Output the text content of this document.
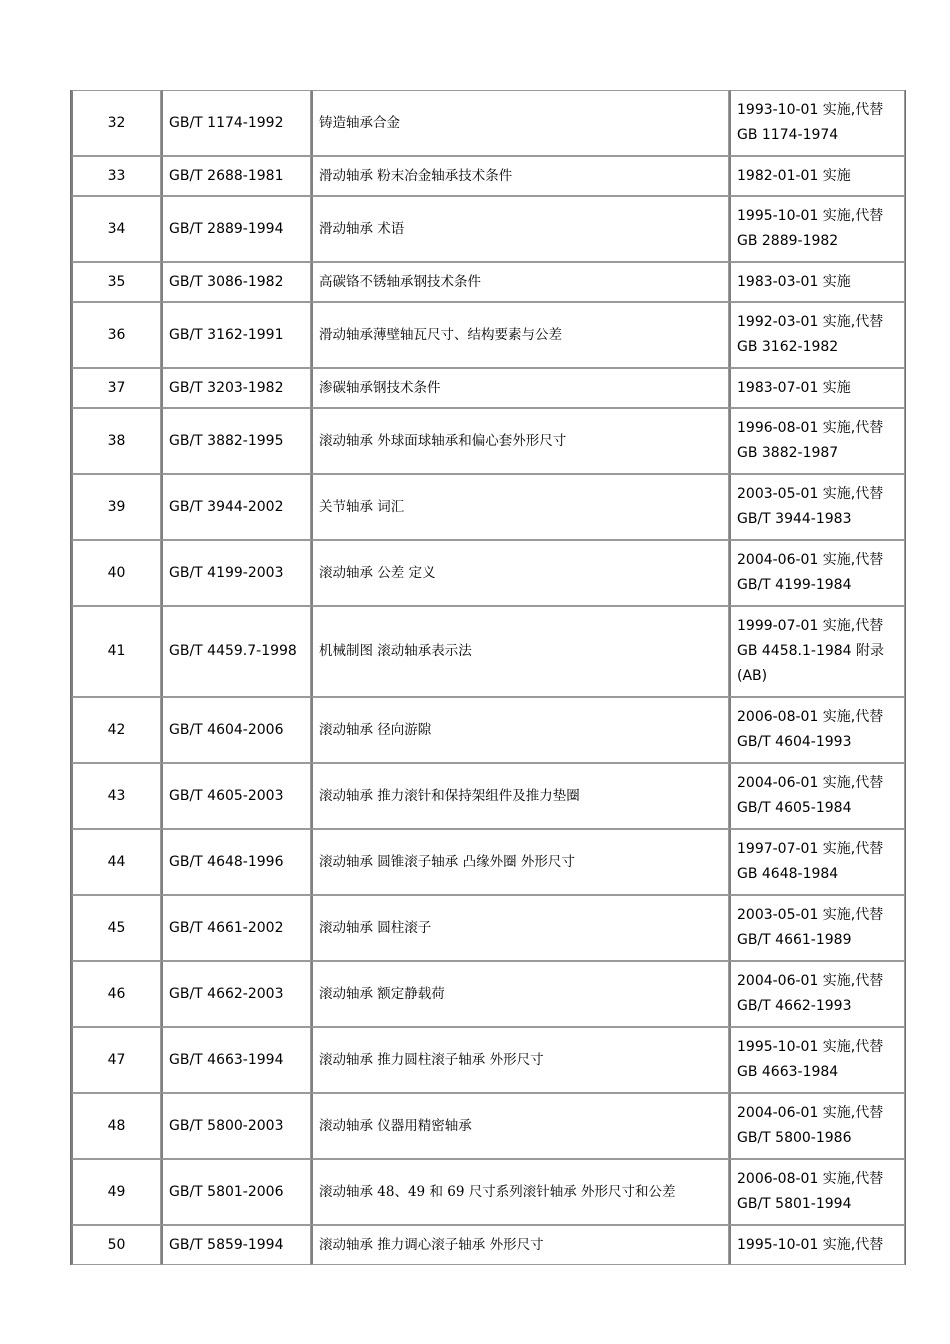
32	GB/T 1174-1992	铸造轴承合金	1993-10-01 实施,代替
GB 1174-1974

33	GB/T 2688-1981	滑动轴承 粉末冶金轴承技术条件	1982-01-01 实施

34	GB/T 2889-1994	滑动轴承 术语	1995-10-01 实施,代替
GB 2889-1982

35	GB/T 3086-1982	高碳铬不锈轴承钢技术条件	1983-03-01 实施

36	GB/T 3162-1991	滑动轴承薄壁轴瓦尺寸、结构要素与公差	1992-03-01 实施,代替
GB 3162-1982

37	GB/T 3203-1982	渗碳轴承钢技术条件	1983-07-01 实施

38	GB/T 3882-1995	滚动轴承 外球面球轴承和偏心套外形尺寸	1996-08-01 实施,代替
GB 3882-1987

39	GB/T 3944-2002	关节轴承 词汇	2003-05-01 实施,代替
GB/T 3944-1983

40	GB/T 4199-2003	滚动轴承 公差 定义	2004-06-01 实施,代替
GB/T 4199-1984

41	GB/T 4459.7-1998	机械制图 滚动轴承表示法	1999-07-01 实施,代替
GB 4458.1-1984 附录
(AB)

42	GB/T 4604-2006	滚动轴承 径向游隙	2006-08-01 实施,代替
GB/T 4604-1993

43	GB/T 4605-2003	滚动轴承 推力滚针和保持架组件及推力垫圈	2004-06-01 实施,代替
GB/T 4605-1984

44	GB/T 4648-1996	滚动轴承 圆锥滚子轴承 凸缘外圈 外形尺寸	1997-07-01 实施,代替
GB 4648-1984

45	GB/T 4661-2002	滚动轴承 圆柱滚子	2003-05-01 实施,代替
GB/T 4661-1989

46	GB/T 4662-2003	滚动轴承 额定静载荷	2004-06-01 实施,代替
GB/T 4662-1993

47	GB/T 4663-1994	滚动轴承 推力圆柱滚子轴承 外形尺寸	1995-10-01 实施,代替
GB 4663-1984

48	GB/T 5800-2003	滚动轴承 仪器用精密轴承	2004-06-01 实施,代替
GB/T 5800-1986

49	GB/T 5801-2006	滚动轴承 48、49 和 69 尺寸系列滚针轴承 外形尺寸和公差	2006-08-01 实施,代替
GB/T 5801-1994

50	GB/T 5859-1994	滚动轴承 推力调心滚子轴承 外形尺寸	1995-10-01 实施,代替
